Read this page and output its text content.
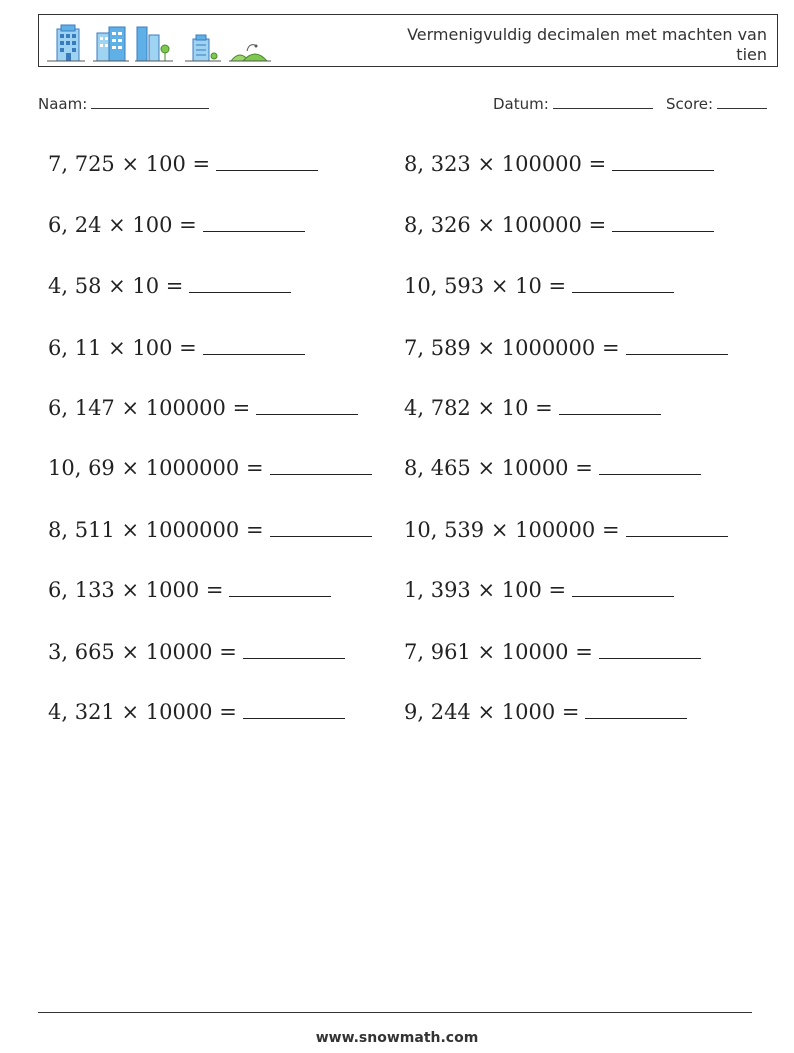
Vermenigvuldig decimalen met machten van tien
Naam:	Datum:	Score:
7, 725 × 100 =	8, 323 × 100000 =
6, 24 × 100 =	8, 326 × 100000 =
4, 58 × 10 =	10, 593 × 10 =
6, 11 × 100 =	7, 589 × 1000000 =
6, 147 × 100000 =	4, 782 × 10 =
10, 69 × 1000000 =	8, 465 × 10000 =
8, 511 × 1000000 =	10, 539 × 100000 =
6, 133 × 1000 =	1, 393 × 100 =
3, 665 × 10000 =	7, 961 × 10000 =
4, 321 × 10000 =	9, 244 × 1000 =
www.snowmath.com
